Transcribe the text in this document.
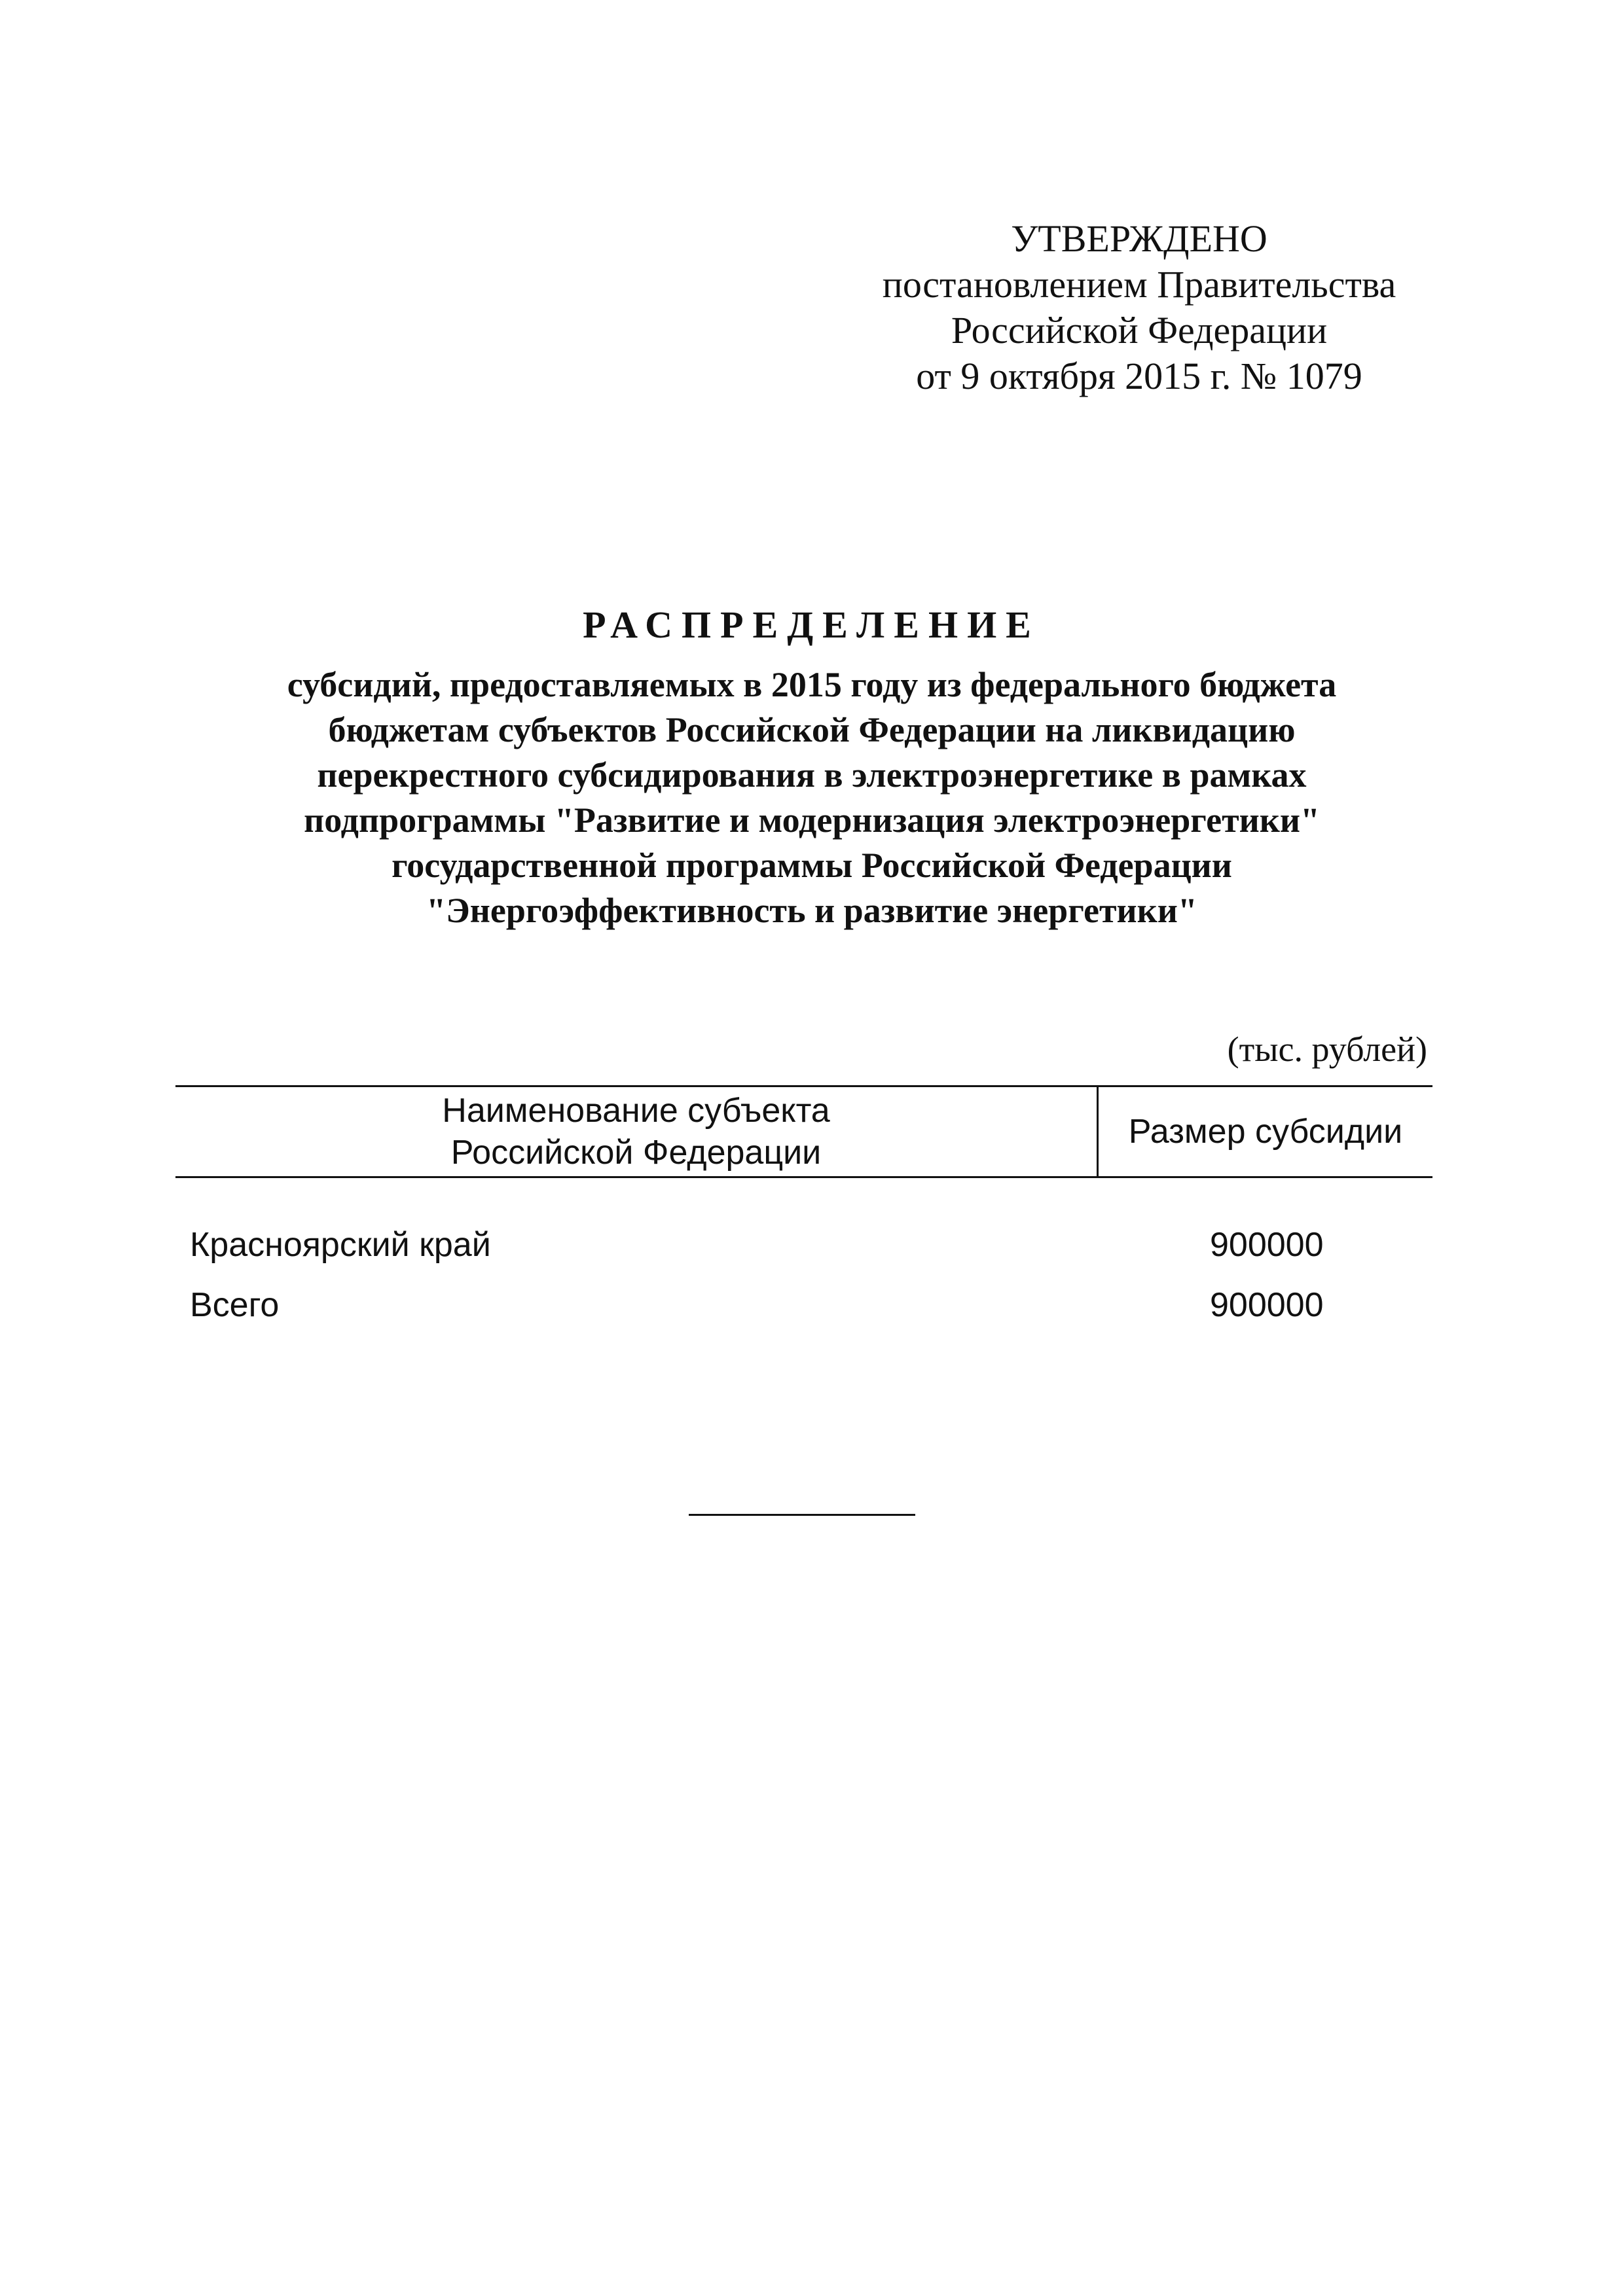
УТВЕРЖДЕНО
постановлением Правительства
Российской Федерации
от 9 октября 2015 г. № 1079
РАСПРЕДЕЛЕНИЕ
субсидий, предоставляемых в 2015 году из федерального бюджета
бюджетам субъектов Российской Федерации на ликвидацию
перекрестного субсидирования в электроэнергетике в рамках
подпрограммы "Развитие и модернизация электроэнергетики"
государственной программы Российской Федерации
"Энергоэффективность и развитие энергетики"
(тыс. рублей)
Наименование субъекта
Российской Федерации
Размер субсидии
Красноярский край	900000
Всего	900000
